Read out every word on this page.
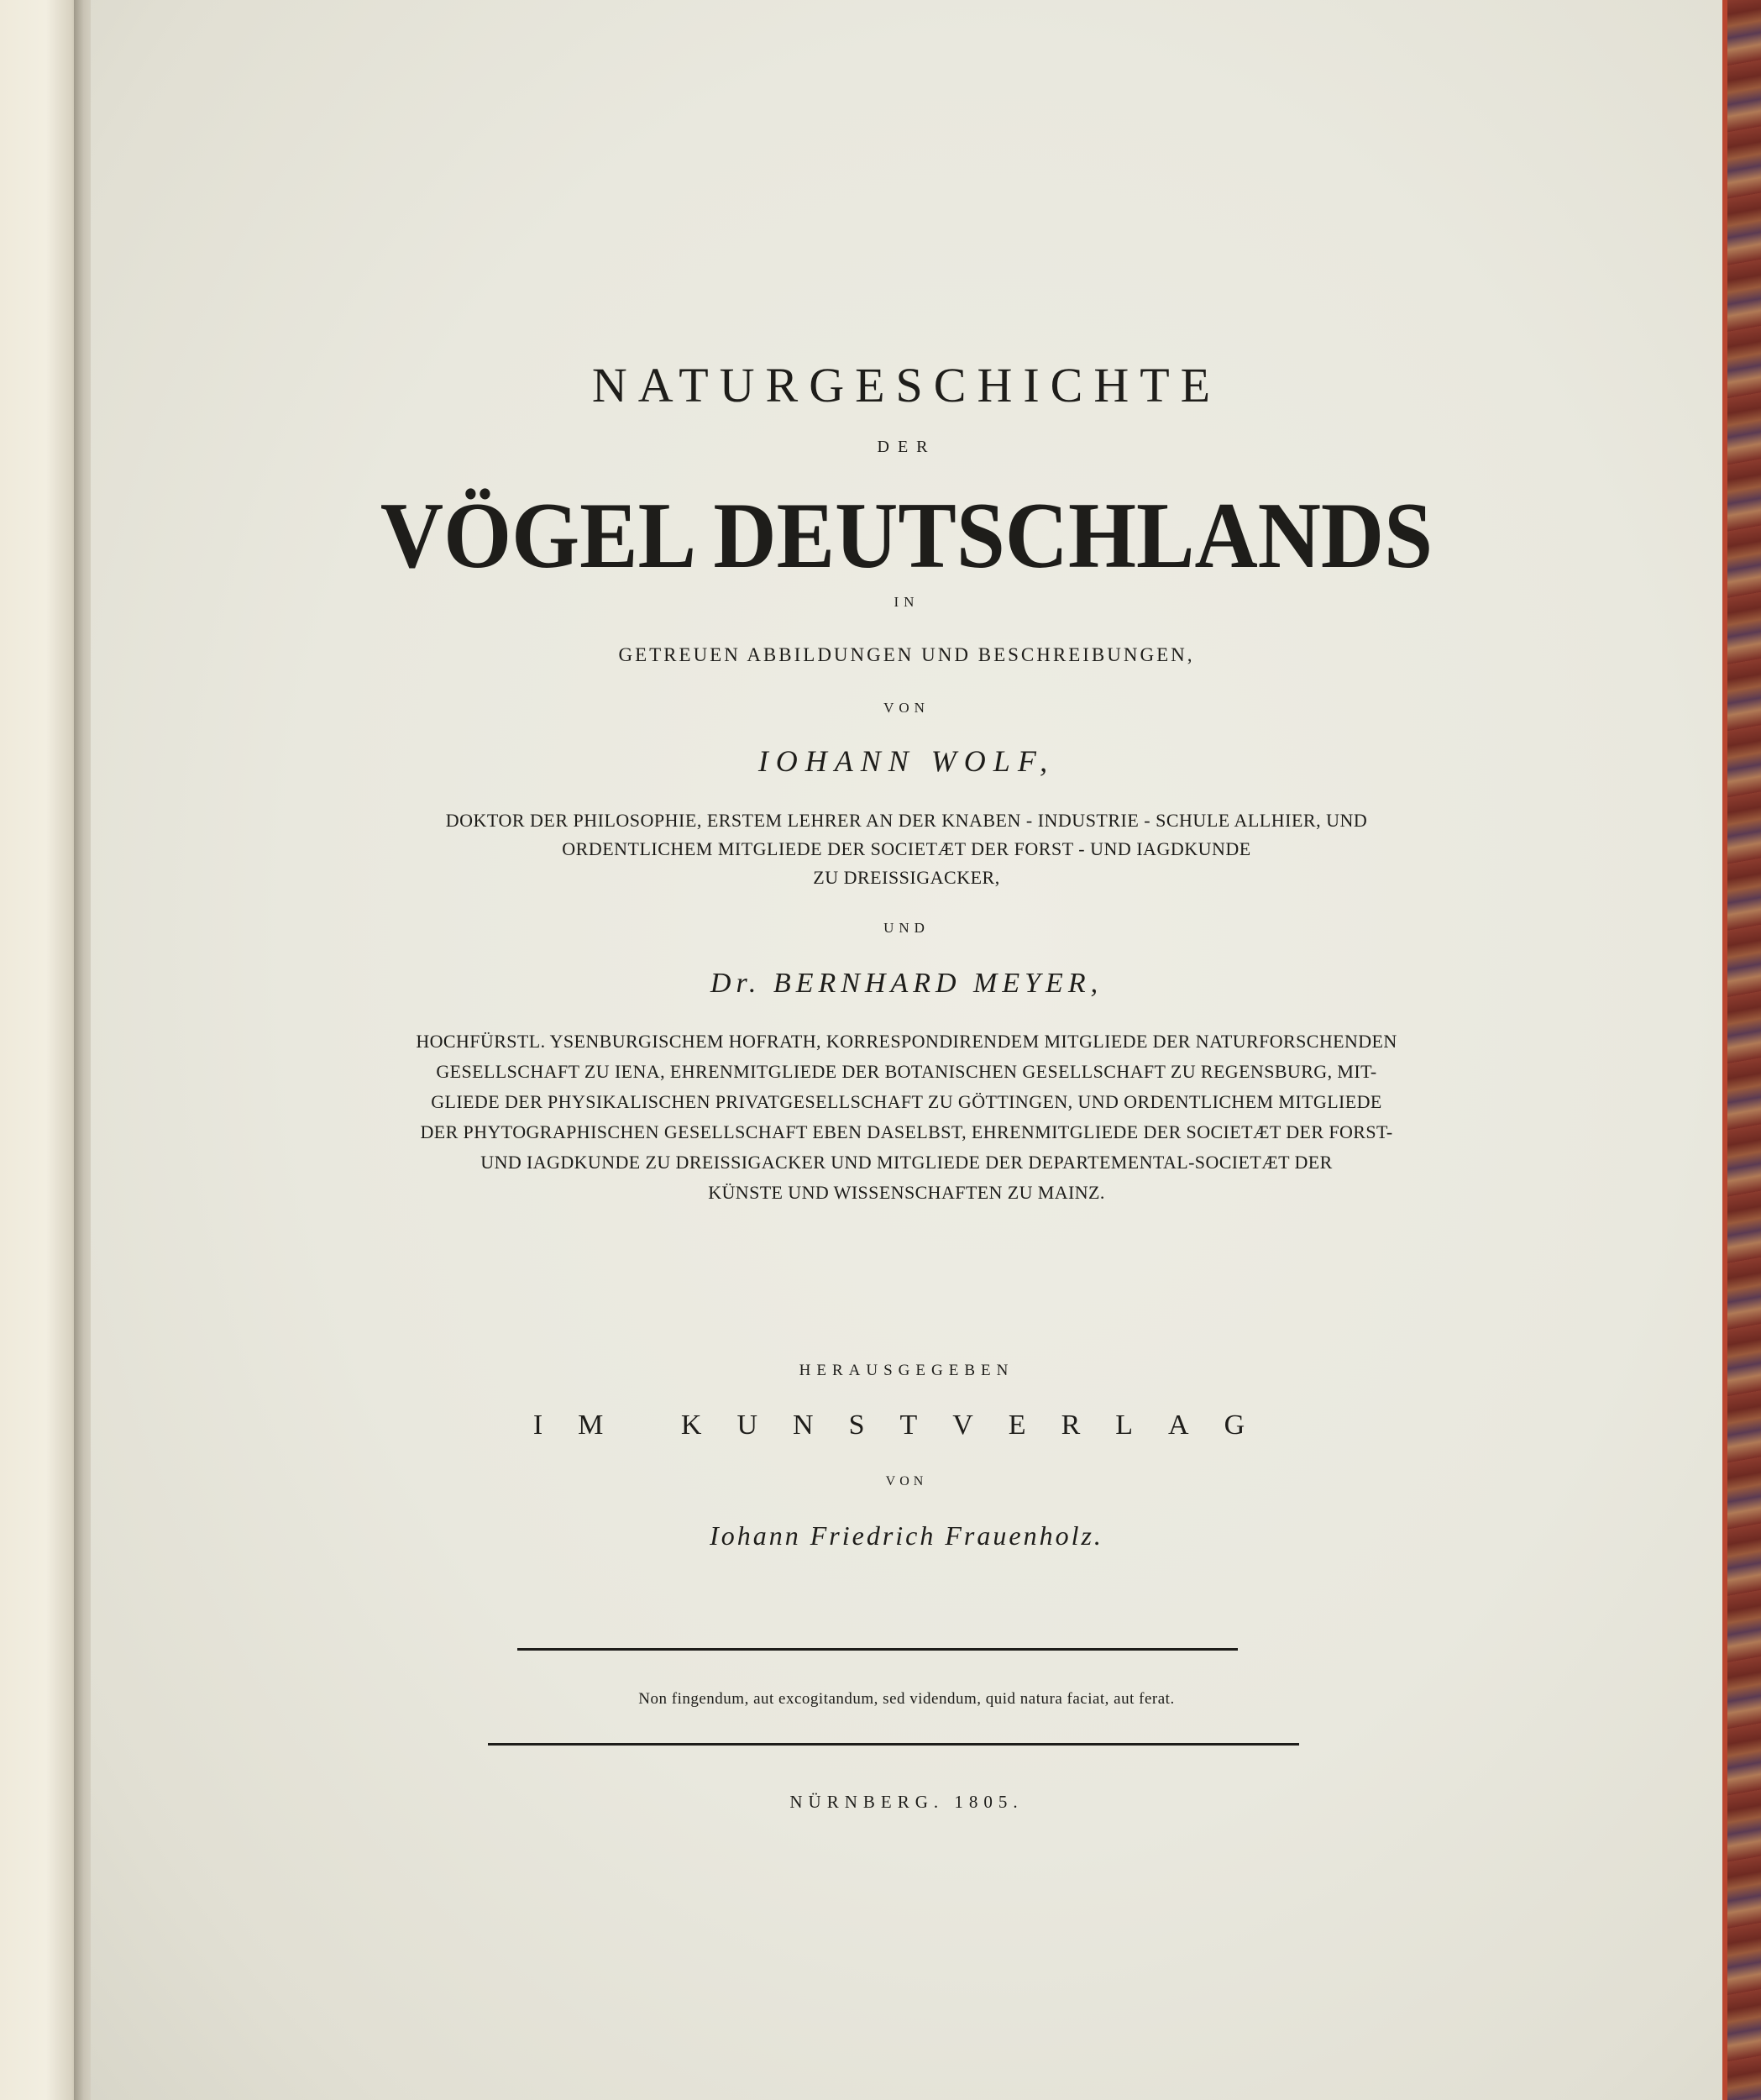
NATURGESCHICHTE
DER
VÖGEL DEUTSCHLANDS
IN
GETREUEN ABBILDUNGEN UND BESCHREIBUNGEN,
VON
IOHANN WOLF,
DOKTOR DER PHILOSOPHIE, ERSTEM LEHRER AN DER KNABEN - INDUSTRIE - SCHULE ALLHIER, UND
ORDENTLICHEM MITGLIEDE DER SOCIETÆT DER FORST - UND IAGDKUNDE
ZU DREISSIGACKER,
UND
Dr. BERNHARD MEYER,
HOCHFÜRSTL. YSENBURGISCHEM HOFRATH, KORRESPONDIRENDEM MITGLIEDE DER NATURFORSCHENDEN
GESELLSCHAFT ZU IENA, EHRENMITGLIEDE DER BOTANISCHEN GESELLSCHAFT ZU REGENSBURG, MIT-
GLIEDE DER PHYSIKALISCHEN PRIVATGESELLSCHAFT ZU GÖTTINGEN, UND ORDENTLICHEM MITGLIEDE
DER PHYTOGRAPHISCHEN GESELLSCHAFT EBEN DASELBST, EHRENMITGLIEDE DER SOCIETÆT DER FORST-
UND IAGDKUNDE ZU DREISSIGACKER UND MITGLIEDE DER DEPARTEMENTAL-SOCIETÆT DER
KÜNSTE UND WISSENSCHAFTEN ZU MAINZ.
HERAUSGEGEBEN
IM KUNSTVERLAG
VON
Iohann Friedrich Frauenholz.
Non fingendum, aut excogitandum, sed videndum, quid natura faciat, aut ferat.
NÜRNBERG. 1805.
